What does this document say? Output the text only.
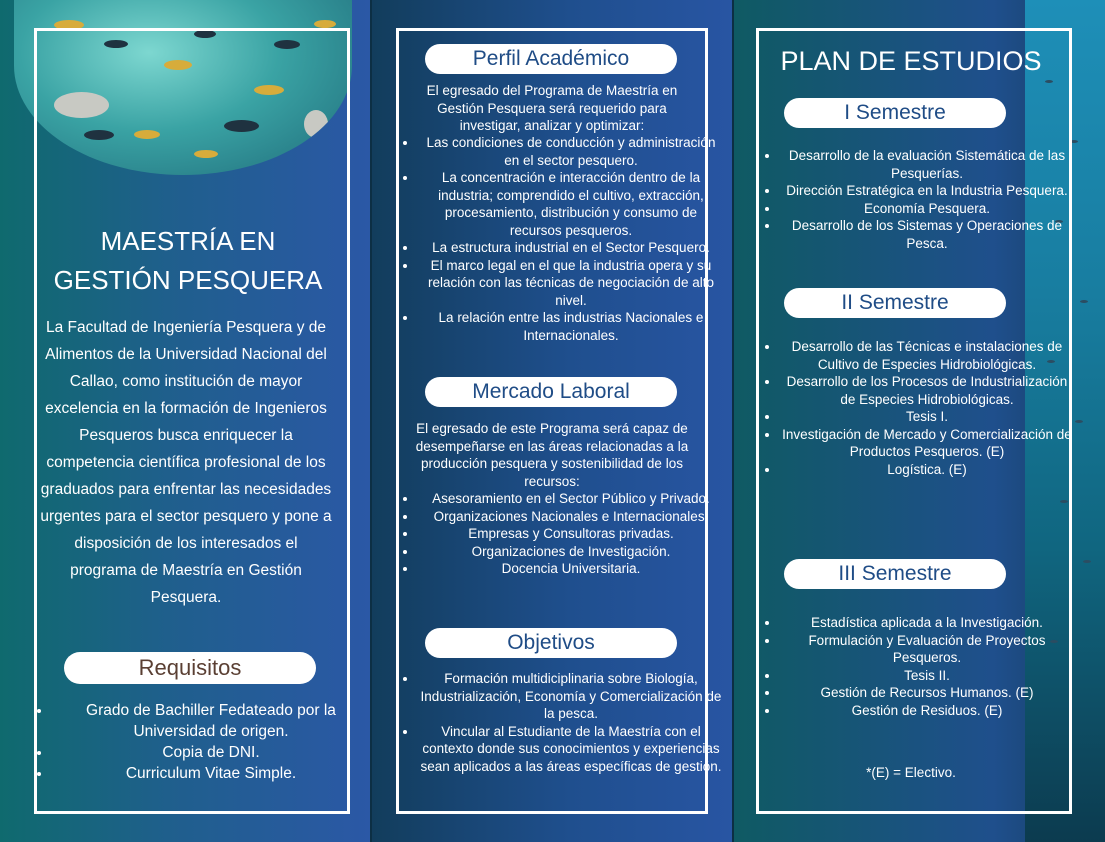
MAESTRÍA EN
GESTIÓN PESQUERA
La Facultad de Ingeniería Pesquera y de Alimentos de la Universidad Nacional del Callao, como institución de mayor excelencia en la formación de Ingenieros Pesqueros busca enriquecer la competencia científica profesional de los graduados para enfrentar las necesidades urgentes para el sector pesquero y pone a disposición de los interesados el programa de Maestría en Gestión Pesquera.
Requisitos
• Grado de Bachiller Fedateado por la Universidad de origen.
• Copia de DNI.
• Curriculum Vitae Simple.
Perfil Académico
El egresado del Programa de Maestría en Gestión Pesquera será requerido para investigar, analizar y optimizar:
• Las condiciones de conducción y administración en el sector pesquero.
• La concentración e interacción dentro de la industria; comprendido el cultivo, extracción, procesamiento, distribución y consumo de recursos pesqueros.
• La estructura industrial en el Sector Pesquero.
• El marco legal en el que la industria opera y su relación con las técnicas de negociación de alto nivel.
• La relación entre las industrias Nacionales e Internacionales.
Mercado Laboral
El egresado de este Programa será capaz de desempeñarse en las áreas relacionadas a la producción pesquera y sostenibilidad de los recursos:
• Asesoramiento en el Sector Público y Privado.
• Organizaciones Nacionales e Internacionales.
• Empresas y Consultoras privadas.
• Organizaciones de Investigación.
• Docencia Universitaria.
Objetivos
• Formación multidiciplinaria sobre Biología, Industrialización, Economía y Comercialización de la pesca.
• Vincular al Estudiante de la Maestría con el contexto donde sus conocimientos y experiencias sean aplicados a las áreas específicas de gestión.
PLAN DE ESTUDIOS
I Semestre
• Desarrollo de la evaluación Sistemática de las Pesquerías.
• Dirección Estratégica en la Industria Pesquera.
• Economía Pesquera.
• Desarrollo de los Sistemas y Operaciones de Pesca.
II Semestre
• Desarrollo de las Técnicas e instalaciones de Cultivo de Especies Hidrobiológicas.
• Desarrollo de los Procesos de Industrialización de Especies Hidrobiológicas.
• Tesis I.
• Investigación de Mercado y Comercialización de Productos Pesqueros. (E)
• Logística. (E)
III Semestre
• Estadística aplicada a la Investigación.
• Formulación y Evaluación de Proyectos Pesqueros.
• Tesis II.
• Gestión de Recursos Humanos. (E)
• Gestión de Residuos. (E)
*(E) = Electivo.
